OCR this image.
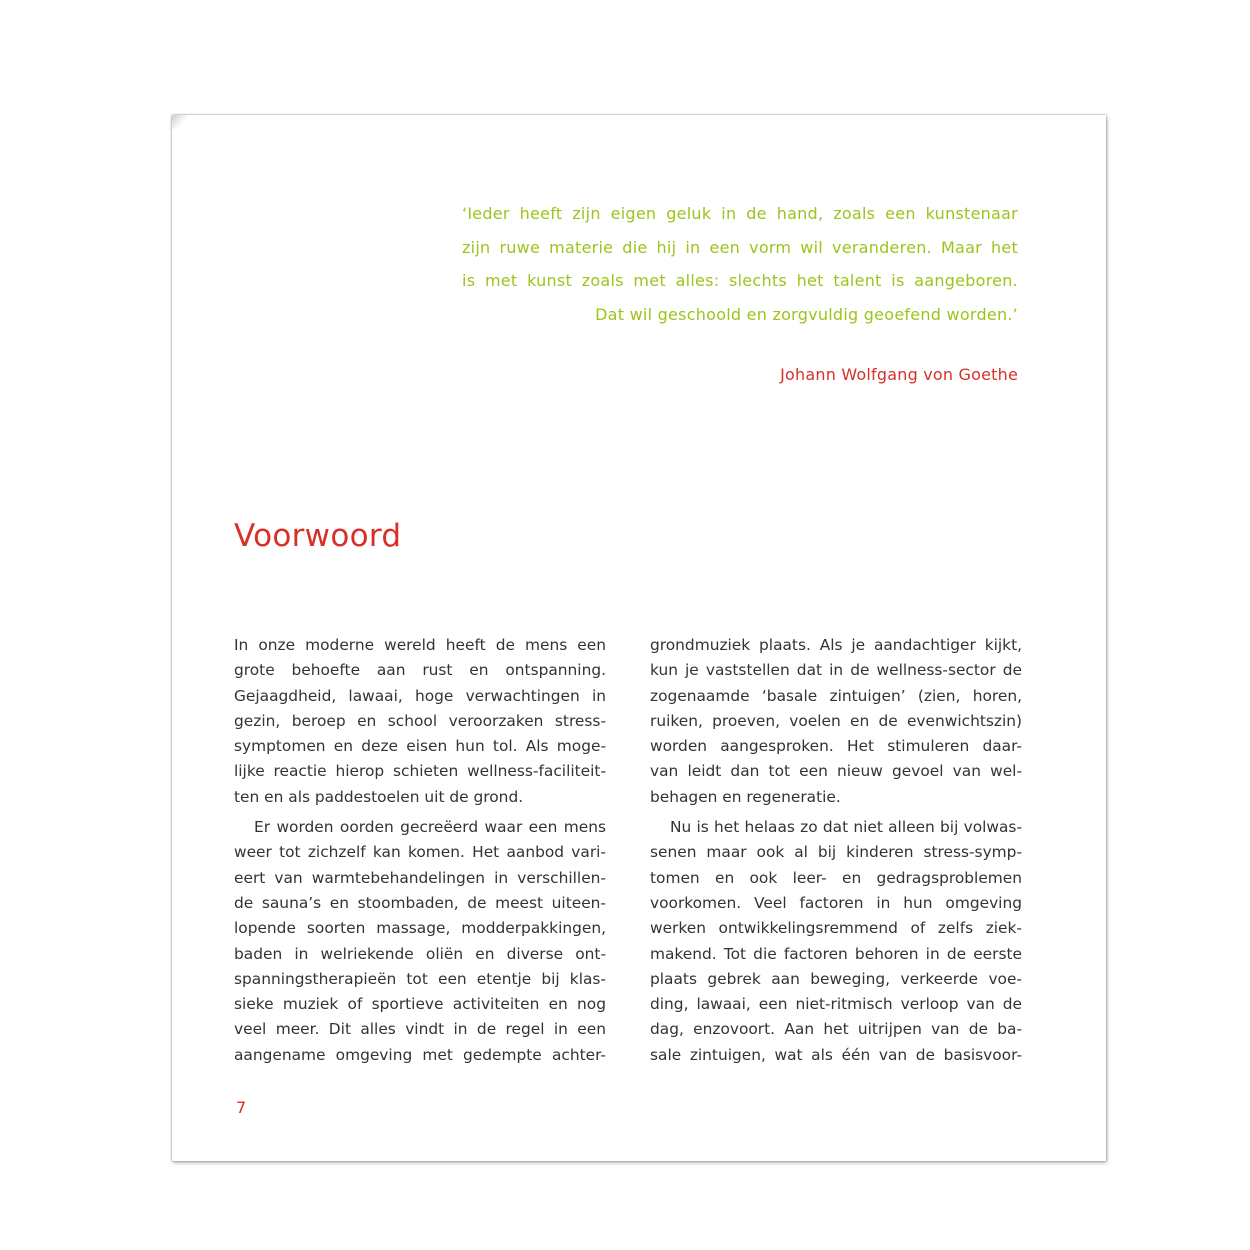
‘Ieder heeft zijn eigen geluk in de hand, zoals een kunstenaar
zijn ruwe materie die hij in een vorm wil veranderen. Maar het
is met kunst zoals met alles: slechts het talent is aangeboren.
Dat wil geschoold en zorgvuldig geoefend worden.’
Johann Wolfgang von Goethe
Voorwoord
In onze moderne wereld heeft de mens een
grote behoefte aan rust en ontspanning.
Gejaagdheid, lawaai, hoge verwachtingen in
gezin, beroep en school veroorzaken stress-
symptomen en deze eisen hun tol. Als moge-
lijke reactie hierop schieten wellness-faciliteit-
ten en als paddestoelen uit de grond.
Er worden oorden gecreëerd waar een mens
weer tot zichzelf kan komen. Het aanbod vari-
eert van warmtebehandelingen in verschillen-
de sauna’s en stoombaden, de meest uiteen-
lopende soorten massage, modderpakkingen,
baden in welriekende oliën en diverse ont-
spanningstherapieën tot een etentje bij klas-
sieke muziek of sportieve activiteiten en nog
veel meer. Dit alles vindt in de regel in een
aangename omgeving met gedempte achter-
grondmuziek plaats. Als je aandachtiger kijkt,
kun je vaststellen dat in de wellness-sector de
zogenaamde ‘basale zintuigen’ (zien, horen,
ruiken, proeven, voelen en de evenwichtszin)
worden aangesproken. Het stimuleren daar-
van leidt dan tot een nieuw gevoel van wel-
behagen en regeneratie.
Nu is het helaas zo dat niet alleen bij volwas-
senen maar ook al bij kinderen stress-symp-
tomen en ook leer- en gedragsproblemen
voorkomen. Veel factoren in hun omgeving
werken ontwikkelingsremmend of zelfs ziek-
makend. Tot die factoren behoren in de eerste
plaats gebrek aan beweging, verkeerde voe-
ding, lawaai, een niet-ritmisch verloop van de
dag, enzovoort. Aan het uitrijpen van de ba-
sale zintuigen, wat als één van de basisvoor-
7
